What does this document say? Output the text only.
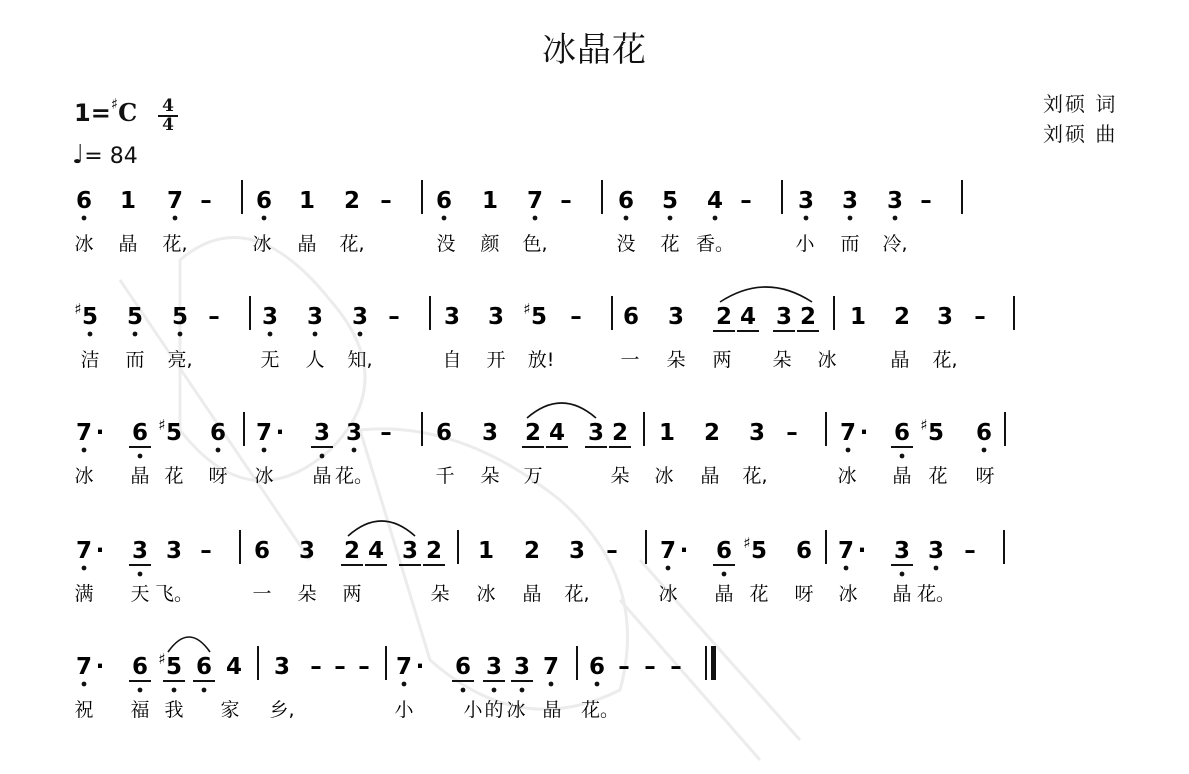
冰晶花
1=♯C 4
4
♩= 84
刘硕 词
刘硕 曲
6 1 7 – 6 1 2 – 6 1 7 – 6 5 4 – 3 3 3 –
冰 晶 花,	冰 晶 花,	没 颜 色,	没 花 香。	小 而 冷,
5
♯ 5 5 – 3 3 3 – 3 3 5
♯ – 6 3 2 4 3 2 1 2 3 –
洁 而 亮,	无 人 知,	自 开 放!	一 朵 两 朵 冰	晶 花,
7 · 6 5
♯ 6 7 · 3 3 – 6 3 2 4 3 2 1 2 3 – 7 · 6 5
♯ 6
冰 晶 花 呀 冰 晶 花。	千 朵 万	朵 冰 晶 花,	冰 晶 花 呀
7 · 3 3 – 6 3 2 4 3 2 1 2 3 – 7 · 6 5
♯ 6 7 · 3 3 –
满 天 飞。	一 朵 两	朵 冰 晶 花,	冰 晶 花 呀 冰 晶 花。
7 · 6 5
♯ 6 4 3 – – – 7 · 6 3 3 7 6 – – –
祝 福 我 家 乡,	小	小 的 冰 晶 花。
